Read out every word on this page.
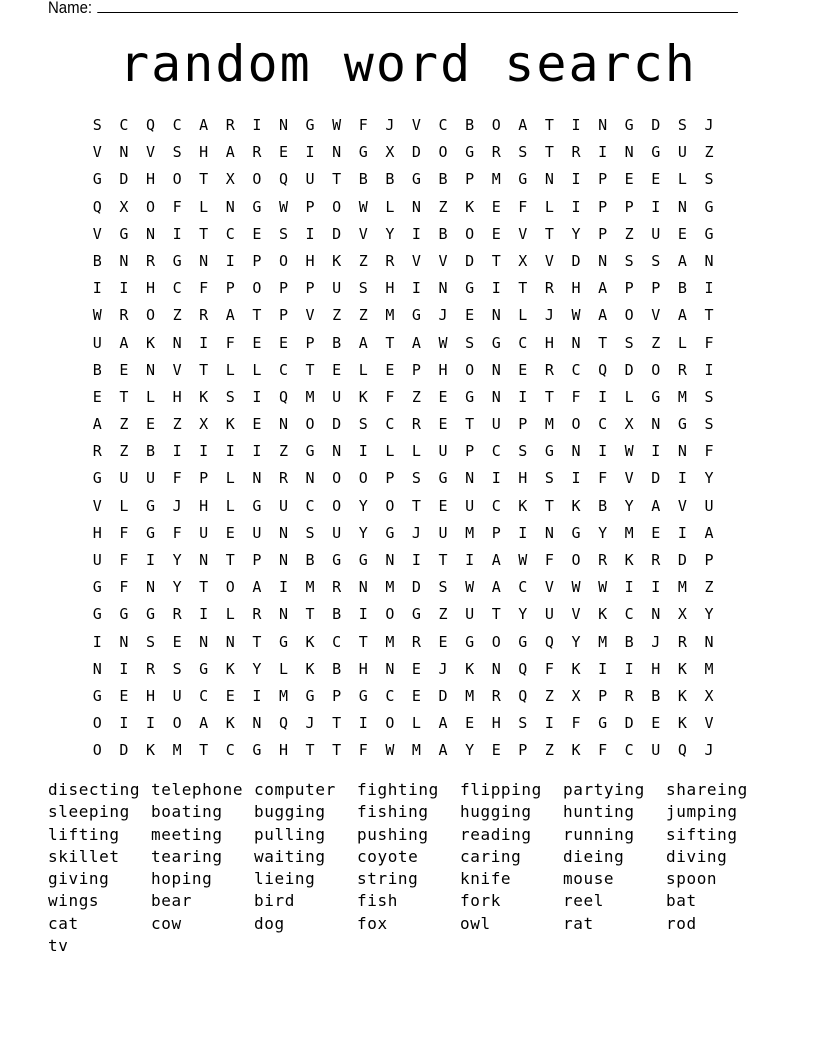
Name:
random word search
S	C	Q	C	A	R	I	N	G	W	F	J	V	C	B	O	A	T	I	N	G	D	S	J
V	N	V	S	H	A	R	E	I	N	G	X	D	O	G	R	S	T	R	I	N	G	U	Z
G	D	H	O	T	X	O	Q	U	T	B	B	G	B	P	M	G	N	I	P	E	E	L	S
Q	X	O	F	L	N	G	W	P	O	W	L	N	Z	K	E	F	L	I	P	P	I	N	G
V	G	N	I	T	C	E	S	I	D	V	Y	I	B	O	E	V	T	Y	P	Z	U	E	G
B	N	R	G	N	I	P	O	H	K	Z	R	V	V	D	T	X	V	D	N	S	S	A	N
I	I	H	C	F	P	O	P	P	U	S	H	I	N	G	I	T	R	H	A	P	P	B	I
W	R	O	Z	R	A	T	P	V	Z	Z	M	G	J	E	N	L	J	W	A	O	V	A	T
U	A	K	N	I	F	E	E	P	B	A	T	A	W	S	G	C	H	N	T	S	Z	L	F
B	E	N	V	T	L	L	C	T	E	L	E	P	H	O	N	E	R	C	Q	D	O	R	I
E	T	L	H	K	S	I	Q	M	U	K	F	Z	E	G	N	I	T	F	I	L	G	M	S
A	Z	E	Z	X	K	E	N	O	D	S	C	R	E	T	U	P	M	O	C	X	N	G	S
R	Z	B	I	I	I	I	Z	G	N	I	L	L	U	P	C	S	G	N	I	W	I	N	F
G	U	U	F	P	L	N	R	N	O	O	P	S	G	N	I	H	S	I	F	V	D	I	Y
V	L	G	J	H	L	G	U	C	O	Y	O	T	E	U	C	K	T	K	B	Y	A	V	U
H	F	G	F	U	E	U	N	S	U	Y	G	J	U	M	P	I	N	G	Y	M	E	I	A
U	F	I	Y	N	T	P	N	B	G	G	N	I	T	I	A	W	F	O	R	K	R	D	P
G	F	N	Y	T	O	A	I	M	R	N	M	D	S	W	A	C	V	W	W	I	I	M	Z
G	G	G	R	I	L	R	N	T	B	I	O	G	Z	U	T	Y	U	V	K	C	N	X	Y
I	N	S	E	N	N	T	G	K	C	T	M	R	E	G	O	G	Q	Y	M	B	J	R	N
N	I	R	S	G	K	Y	L	K	B	H	N	E	J	K	N	Q	F	K	I	I	H	K	M
G	E	H	U	C	E	I	M	G	P	G	C	E	D	M	R	Q	Z	X	P	R	B	K	X
O	I	I	O	A	K	N	Q	J	T	I	O	L	A	E	H	S	I	F	G	D	E	K	V
O	D	K	M	T	C	G	H	T	T	F	W	M	A	Y	E	P	Z	K	F	C	U	Q	J
disecting telephone computer	fighting	flipping	partying	shareing
sleeping	boating	bugging	fishing	hugging	hunting	jumping
lifting	meeting	pulling	pushing	reading	running	sifting
skillet	tearing	waiting	coyote	caring	dieing	diving
giving	hoping	lieing	string	knife	mouse	spoon
wings	bear	bird	fish	fork	reel	bat
cat	cow	dog	fox	owl	rat	rod
tv
